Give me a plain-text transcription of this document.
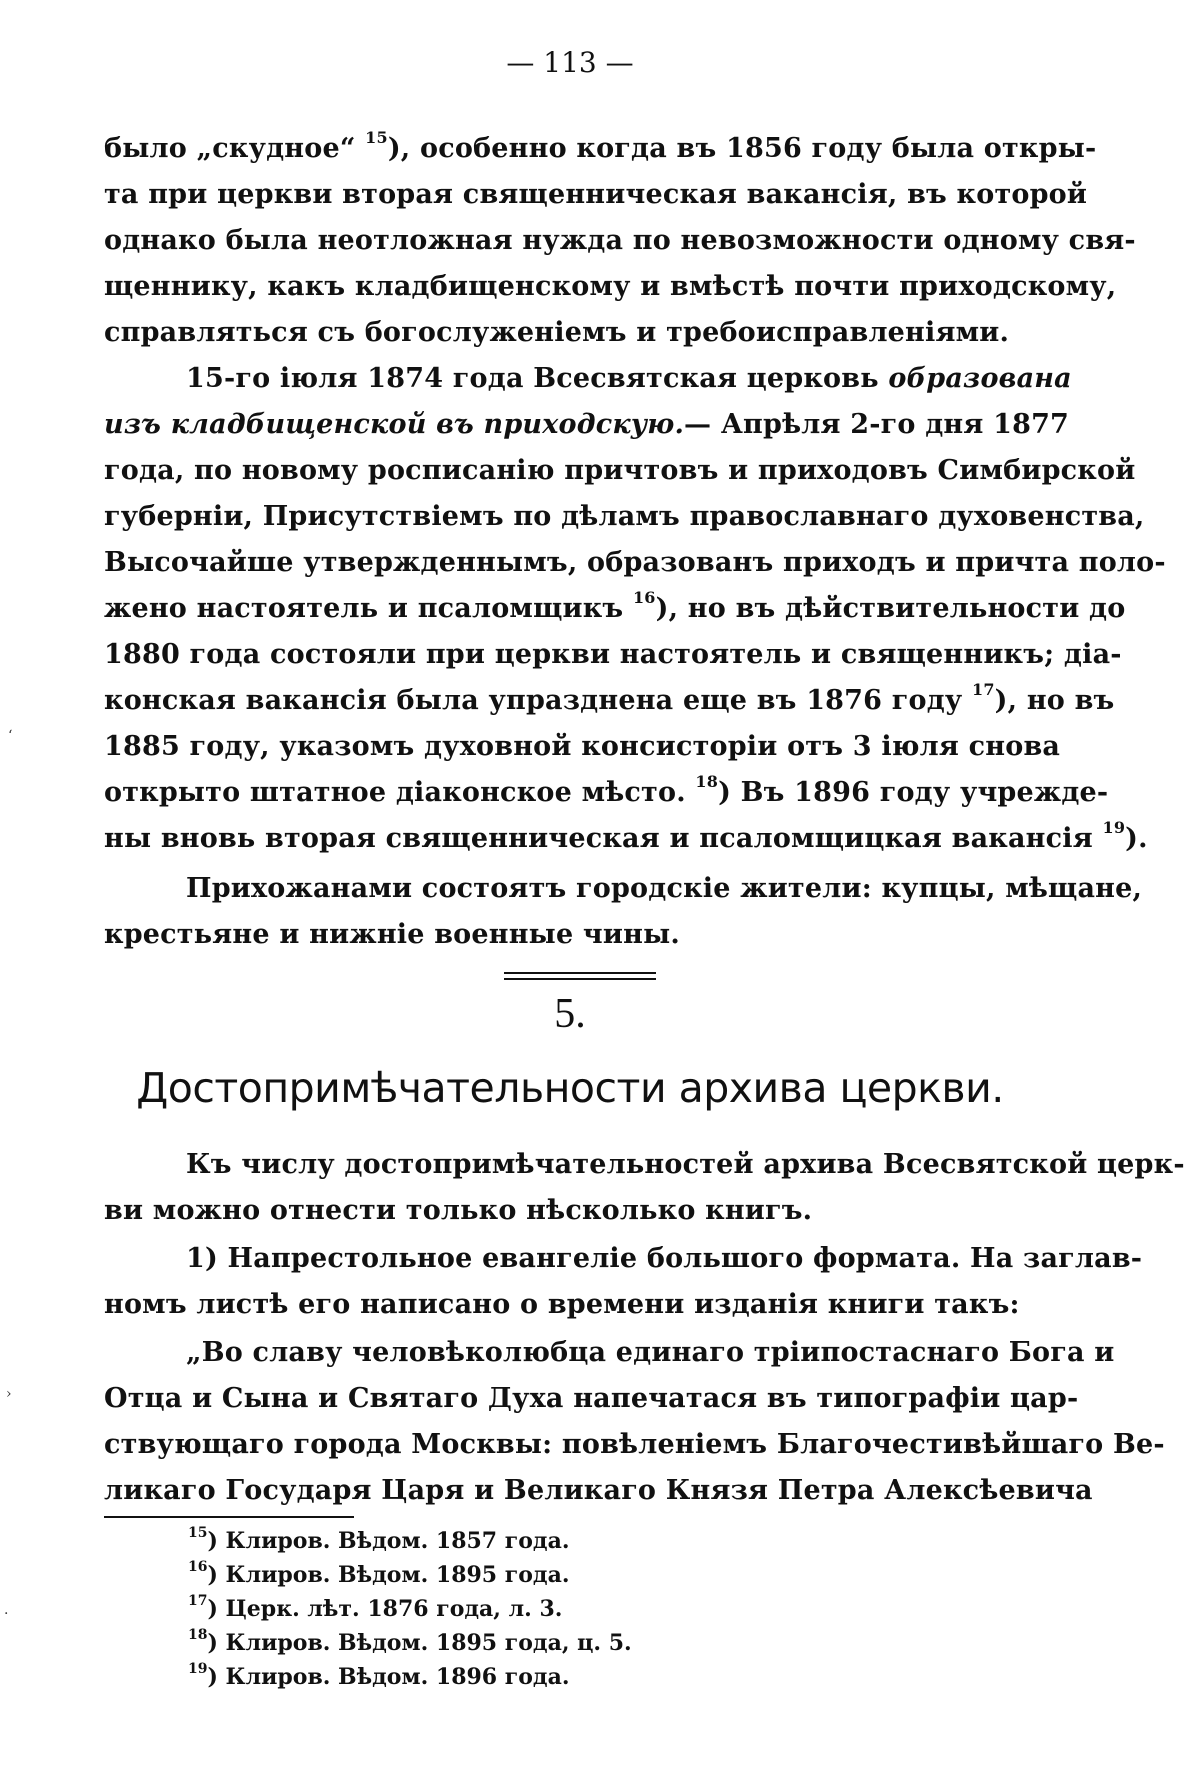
— 113 —
было „скудное“ $^{15}$), особенно когда въ 1856 году была откры-
та при церкви вторая священническая вакансія, въ которой
однако была неотложная нужда по невозможности одному свя-
щеннику, какъ кладбищенскому и вмѣстѣ почти приходскому,
справляться съ богослуженіемъ и требоисправленіями.
15-го іюля 1874 года Всесвятская церковь образована
изъ кладбищенской въ приходскую.— Апрѣля 2-го дня 1877
года, по новому росписанію причтовъ и приходовъ Симбирской
губерніи, Присутствіемъ по дѣламъ православнаго духовенства,
Высочайше утвержденнымъ, образованъ приходъ и причта поло-
жено настоятель и псаломщикъ $^{16}$), но въ дѣйствительности до
1880 года состояли при церкви настоятель и священникъ; діа-
конская вакансія была упразднена еще въ 1876 году $^{17}$), но въ
1885 году, указомъ духовной консисторіи отъ 3 іюля снова
открыто штатное діаконское мѣсто. $^{18}$) Въ 1896 году учрежде-
ны вновь вторая священническая и псаломщицкая вакансія $^{19}$).
Прихожанами состоятъ городскіе жители: купцы, мѣщане,
крестьяне и нижніе военные чины.
5.
Достопримѣчательности архива церкви.
Къ числу достопримѣчательностей архива Всесвятской церк-
ви можно отнести только нѣсколько книгъ.
1) Напрестольное евангеліе большого формата. На заглав-
номъ листѣ его написано о времени изданія книги такъ:
„Во славу человѣколюбца единаго тріипостаснаго Бога и
Отца и Сына и Святаго Духа напечатася въ типографіи цар-
ствующаго города Москвы: повѣленіемъ Благочестивѣйшаго Ве-
ликаго Государя Царя и Великаго Князя Петра Алексѣевича
$^{15}$) Клиров. Вѣдом. 1857 года.
$^{16}$) Клиров. Вѣдом. 1895 года.
$^{17}$) Церк. лѣт. 1876 года, л. 3.
$^{18}$) Клиров. Вѣдом. 1895 года, ц. 5.
$^{19}$) Клиров. Вѣдом. 1896 года.
ʻ
›
·
